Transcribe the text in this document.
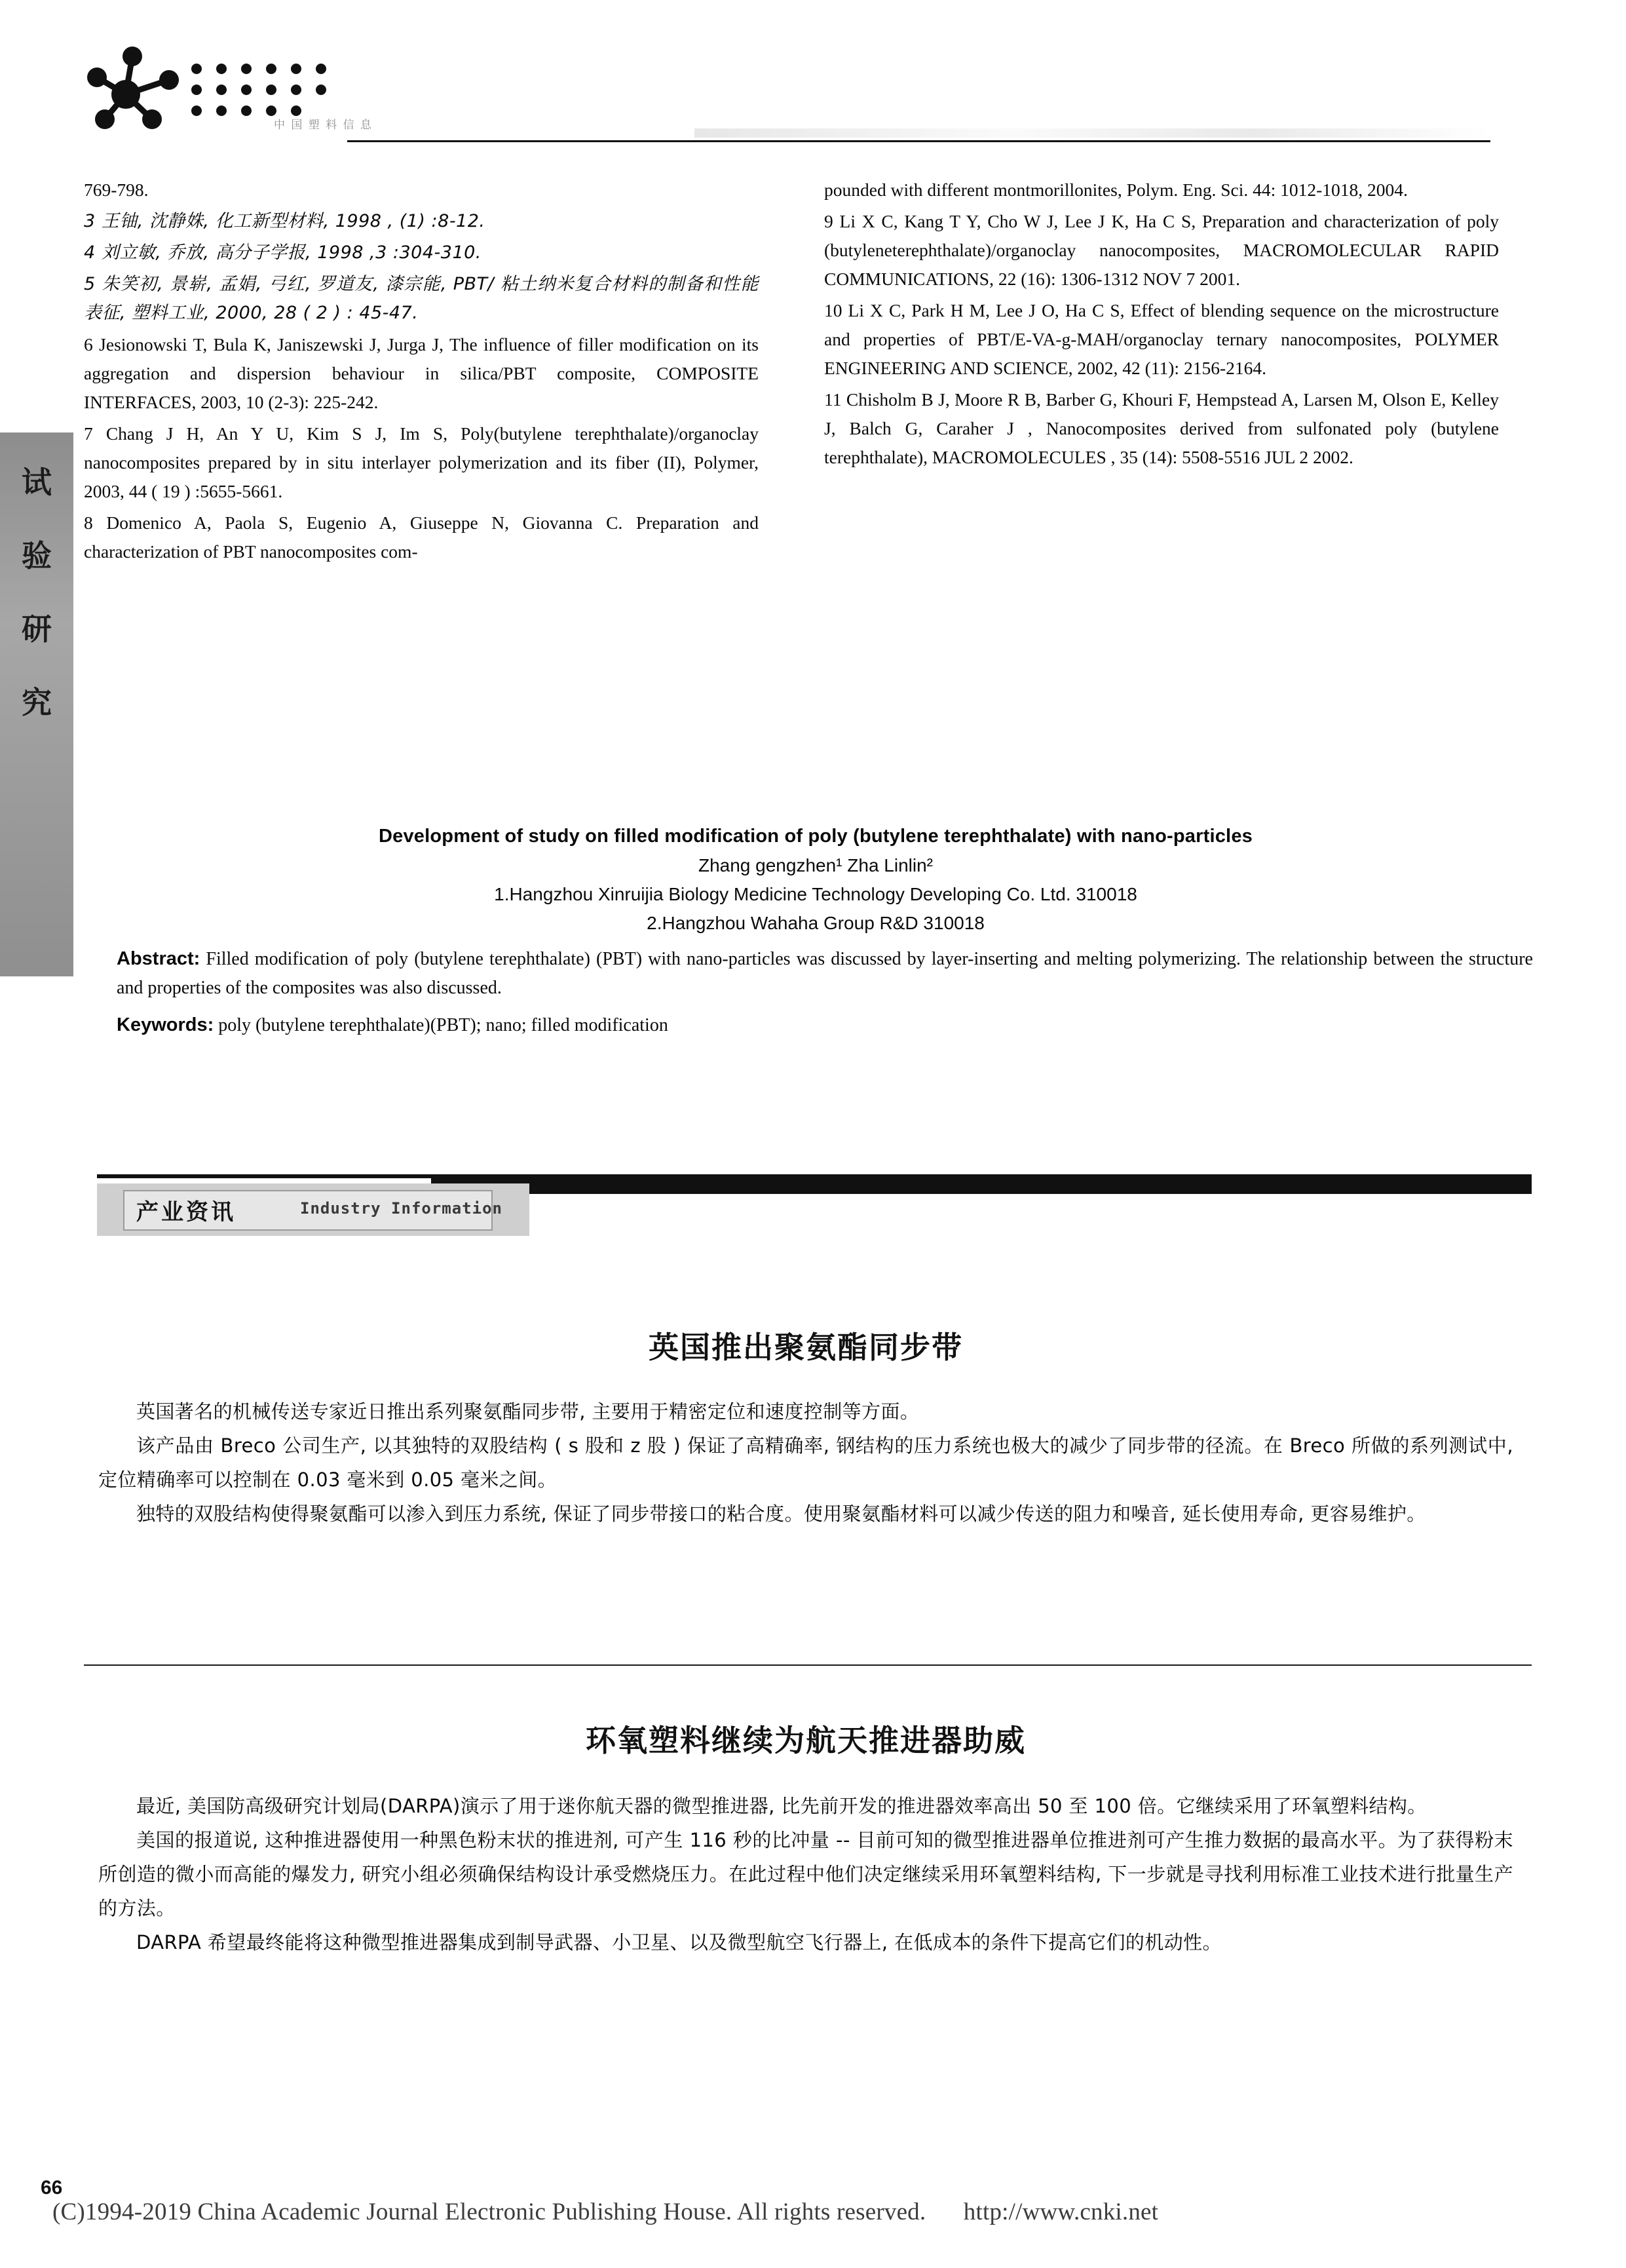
中 国 塑 料 信 息
试
验
研
究

769-798.

3 王铀, 沈静姝, 化工新型材料, 1998 , (1) :8-12.

4 刘立敏, 乔放, 高分子学报, 1998 ,3 :304-310.

5 朱笑初, 景崭, 孟娟, 弓红, 罗道友, 漆宗能, PBT/ 粘土纳米复合材料的制备和性能表征, 塑料工业, 2000, 28 ( 2 ) : 45-47.

6 Jesionowski T, Bula K, Janiszewski J, Jurga J, The influence of filler modification on its aggregation and dispersion behaviour in silica/PBT composite, COMPOSITE INTERFACES, 2003, 10 (2-3): 225-242.

7 Chang J H, An Y U, Kim S J, Im S, Poly(butylene terephthalate)/organoclay nanocomposites prepared by in situ interlayer polymerization and its fiber (II), Polymer, 2003, 44 ( 19 ) :5655-5661.

8 Domenico A, Paola S, Eugenio A, Giuseppe N, Giovanna C. Preparation and characterization of PBT nanocomposites com-

pounded with different montmorillonites, Polym. Eng. Sci. 44: 1012-1018, 2004.

9 Li X C, Kang T Y, Cho W J, Lee J K, Ha C S, Preparation and characterization of poly (butyleneterephthalate)/organoclay nanocomposites, MACROMOLECULAR RAPID COMMUNICATIONS, 22 (16): 1306-1312 NOV 7 2001.

10 Li X C, Park H M, Lee J O, Ha C S, Effect of blending sequence on the microstructure and properties of PBT/E-VA-g-MAH/organoclay ternary nanocomposites, POLYMER ENGINEERING AND SCIENCE, 2002, 42 (11): 2156-2164.

11 Chisholm B J, Moore R B, Barber G, Khouri F, Hempstead A, Larsen M, Olson E, Kelley J, Balch G, Caraher J , Nanocomposites derived from sulfonated poly (butylene terephthalate), MACROMOLECULES , 35 (14): 5508-5516 JUL 2 2002.

Development of study on filled modification of poly (butylene terephthalate) with nano-particles
Zhang gengzhen¹ Zha Linlin²
1.Hangzhou Xinruijia Biology Medicine Technology Developing Co. Ltd. 310018
2.Hangzhou Wahaha Group R&D 310018
Abstract: Filled modification of poly (butylene terephthalate) (PBT) with nano-particles was discussed by layer-inserting and melting polymerizing. The relationship between the structure and properties of the composites was also discussed.
Keywords: poly (butylene terephthalate)(PBT); nano; filled modification
产业资讯	Industry Information
英国推出聚氨酯同步带

英国著名的机械传送专家近日推出系列聚氨酯同步带, 主要用于精密定位和速度控制等方面。

该产品由 Breco 公司生产, 以其独特的双股结构 ( s 股和 z 股 ) 保证了高精确率, 钢结构的压力系统也极大的减少了同步带的径流。在 Breco 所做的系列测试中, 定位精确率可以控制在 0.03 毫米到 0.05 毫米之间。

独特的双股结构使得聚氨酯可以渗入到压力系统, 保证了同步带接口的粘合度。使用聚氨酯材料可以减少传送的阻力和噪音, 延长使用寿命, 更容易维护。

环氧塑料继续为航天推进器助威

最近, 美国防高级研究计划局(DARPA)演示了用于迷你航天器的微型推进器, 比先前开发的推进器效率高出 50 至 100 倍。它继续采用了环氧塑料结构。

美国的报道说, 这种推进器使用一种黑色粉末状的推进剂, 可产生 116 秒的比冲量 -- 目前可知的微型推进器单位推进剂可产生推力数据的最高水平。为了获得粉末所创造的微小而高能的爆发力, 研究小组必须确保结构设计承受燃烧压力。在此过程中他们决定继续采用环氧塑料结构, 下一步就是寻找利用标准工业技术进行批量生产的方法。

DARPA 希望最终能将这种微型推进器集成到制导武器、小卫星、以及微型航空飞行器上, 在低成本的条件下提高它们的机动性。

66
(C)1994-2019 China Academic Journal Electronic Publishing House. All rights reserved. http://www.cnki.net
